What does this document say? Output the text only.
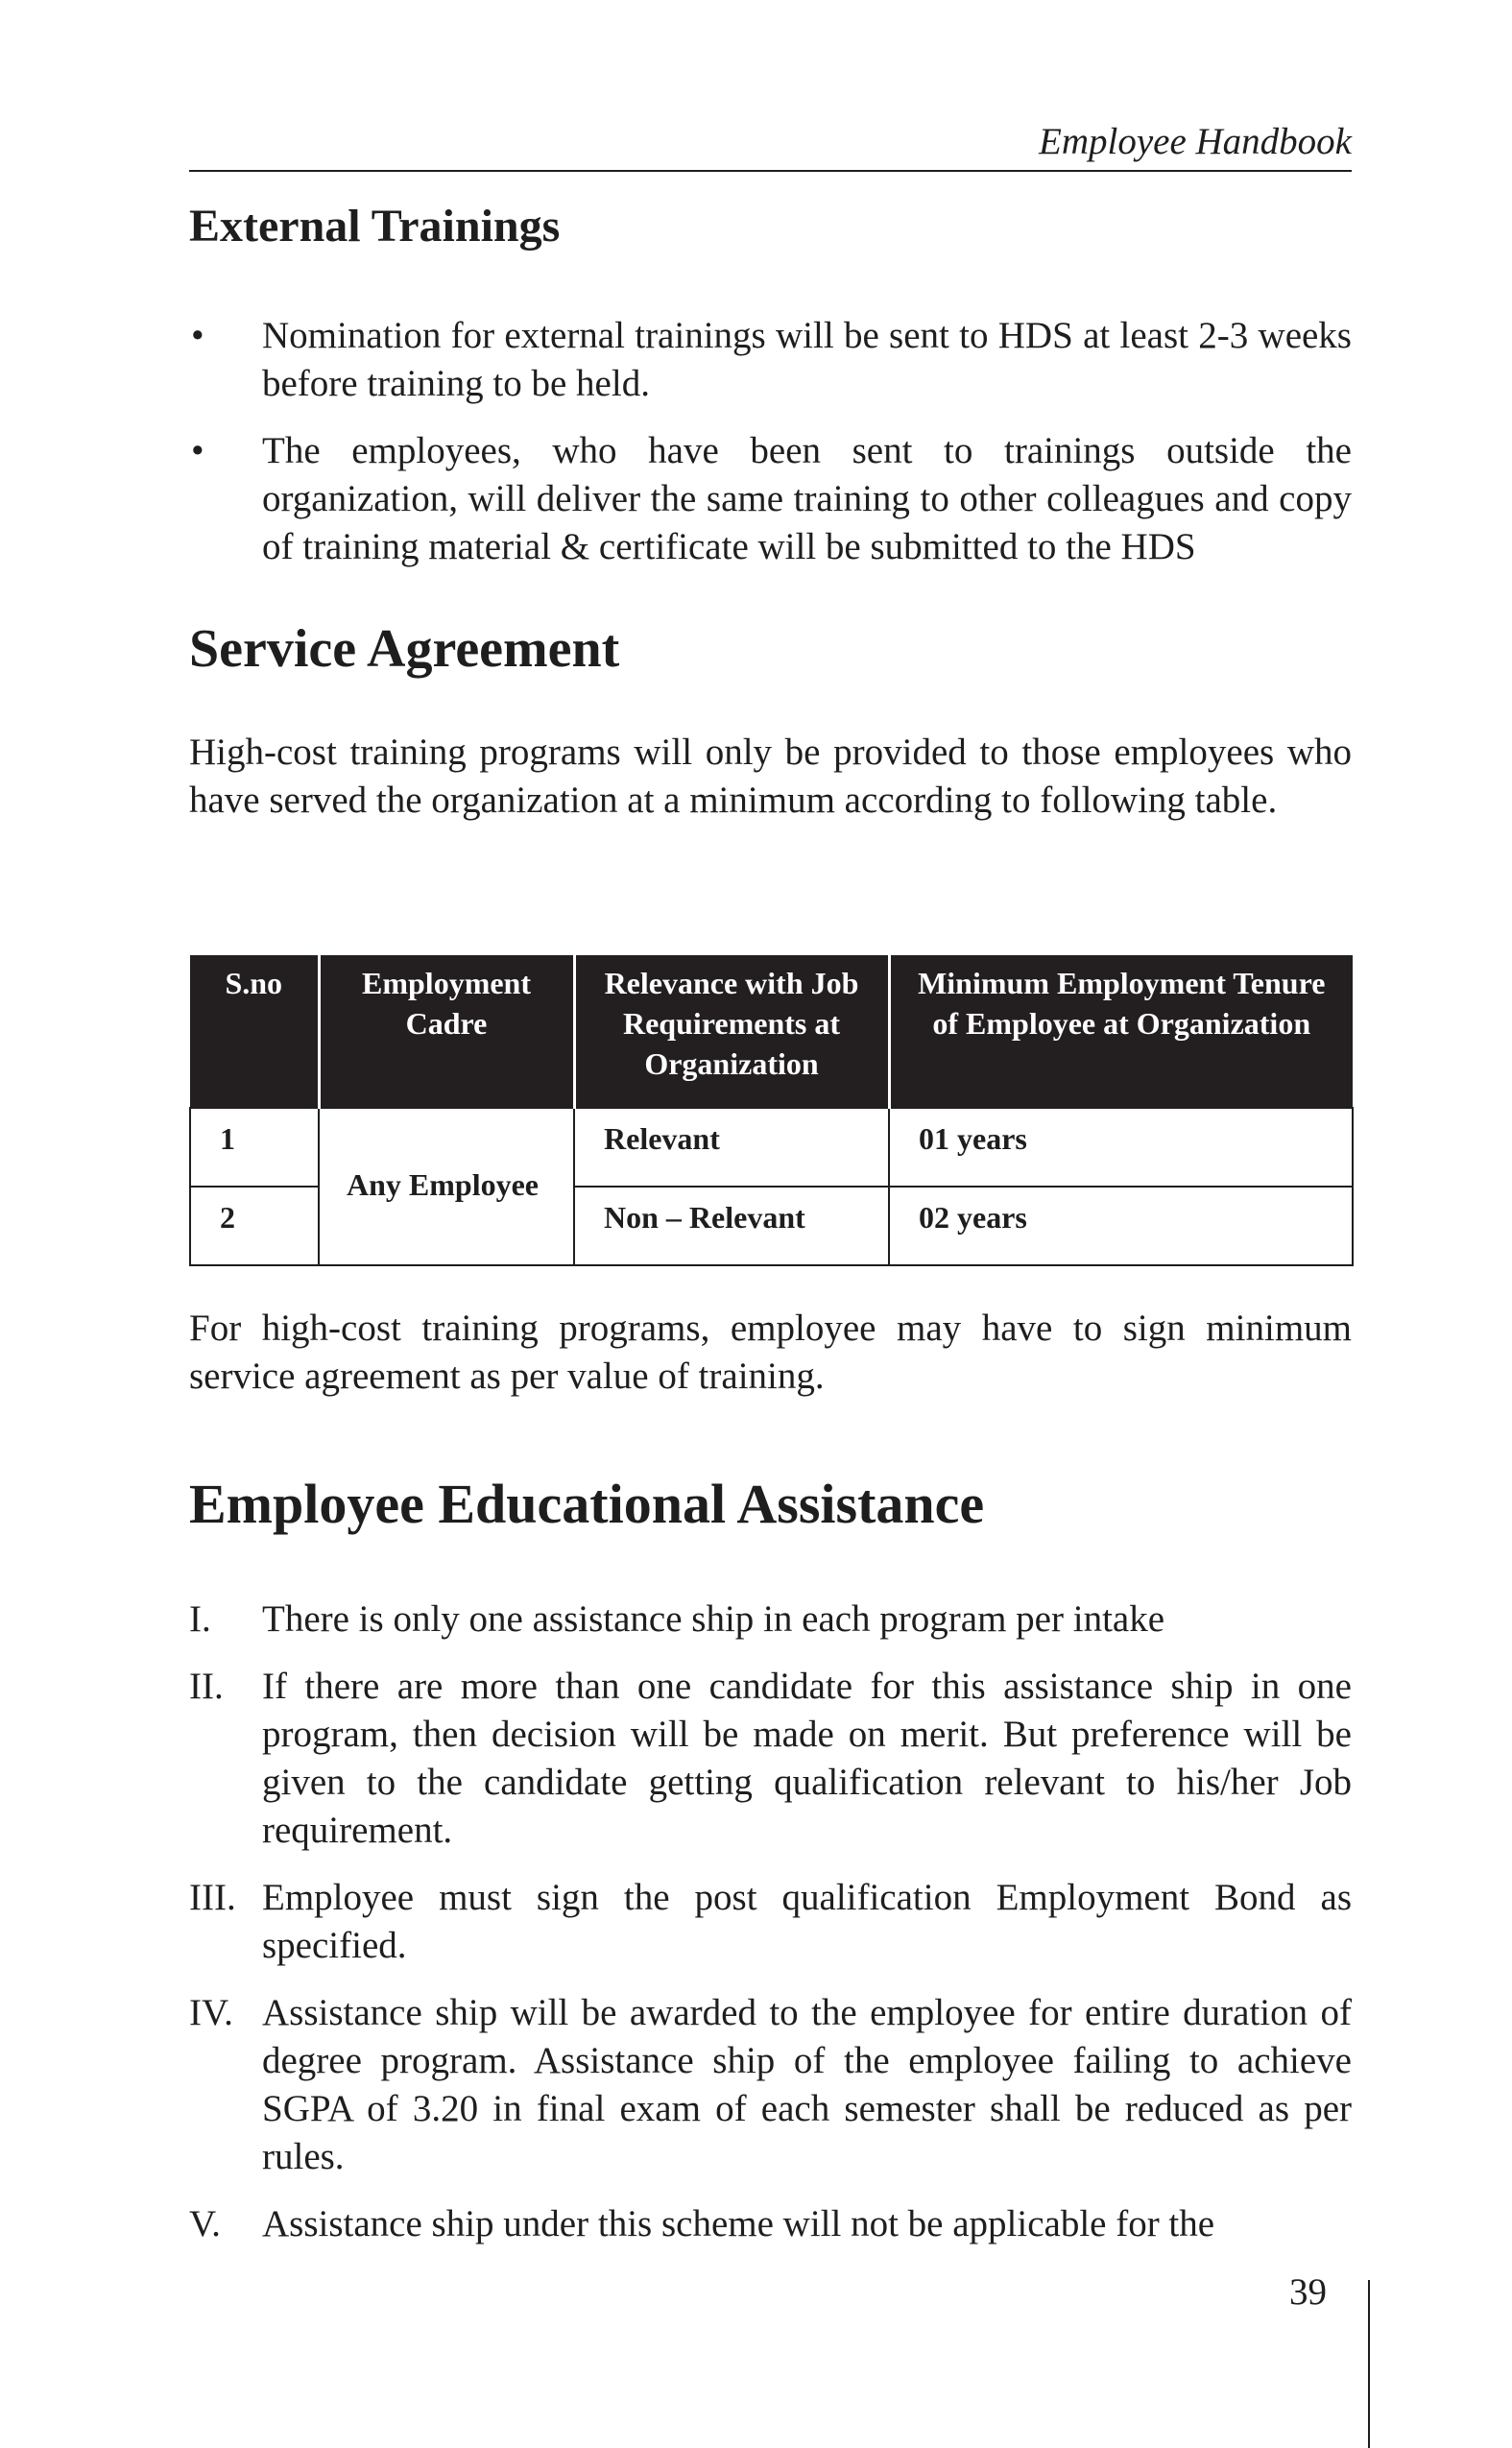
Employee Handbook
External Trainings
• Nomination for external trainings will be sent to HDS at least 2-3 weeks before training to be held.
• The employees, who have been sent to trainings outside the organization, will deliver the same training to other colleagues and copy of training material & certificate will be submitted to the HDS
Service Agreement

High-cost training programs will only be provided to those employees who have served the organization at a minimum according to following table.

S.no	Employment Cadre	Relevance with Job Requirements at Organization	Minimum Employment Tenure of Employee at Organization
1	Any Employee	Relevant	01 years
2		Non – Relevant	02 years

For high-cost training programs, employee may have to sign minimum service agreement as per value of training.

Employee Educational Assistance
I. There is only one assistance ship in each program per intake
II. If there are more than one candidate for this assistance ship in one program, then decision will be made on merit. But preference will be given to the candidate getting qualification relevant to his/her Job requirement.
III. Employee must sign the post qualification Employment Bond as specified.
IV. Assistance ship will be awarded to the employee for entire duration of degree program. Assistance ship of the employee failing to achieve SGPA of 3.20 in final exam of each semester shall be reduced as per rules.
V. Assistance ship under this scheme will not be applicable for the
39
